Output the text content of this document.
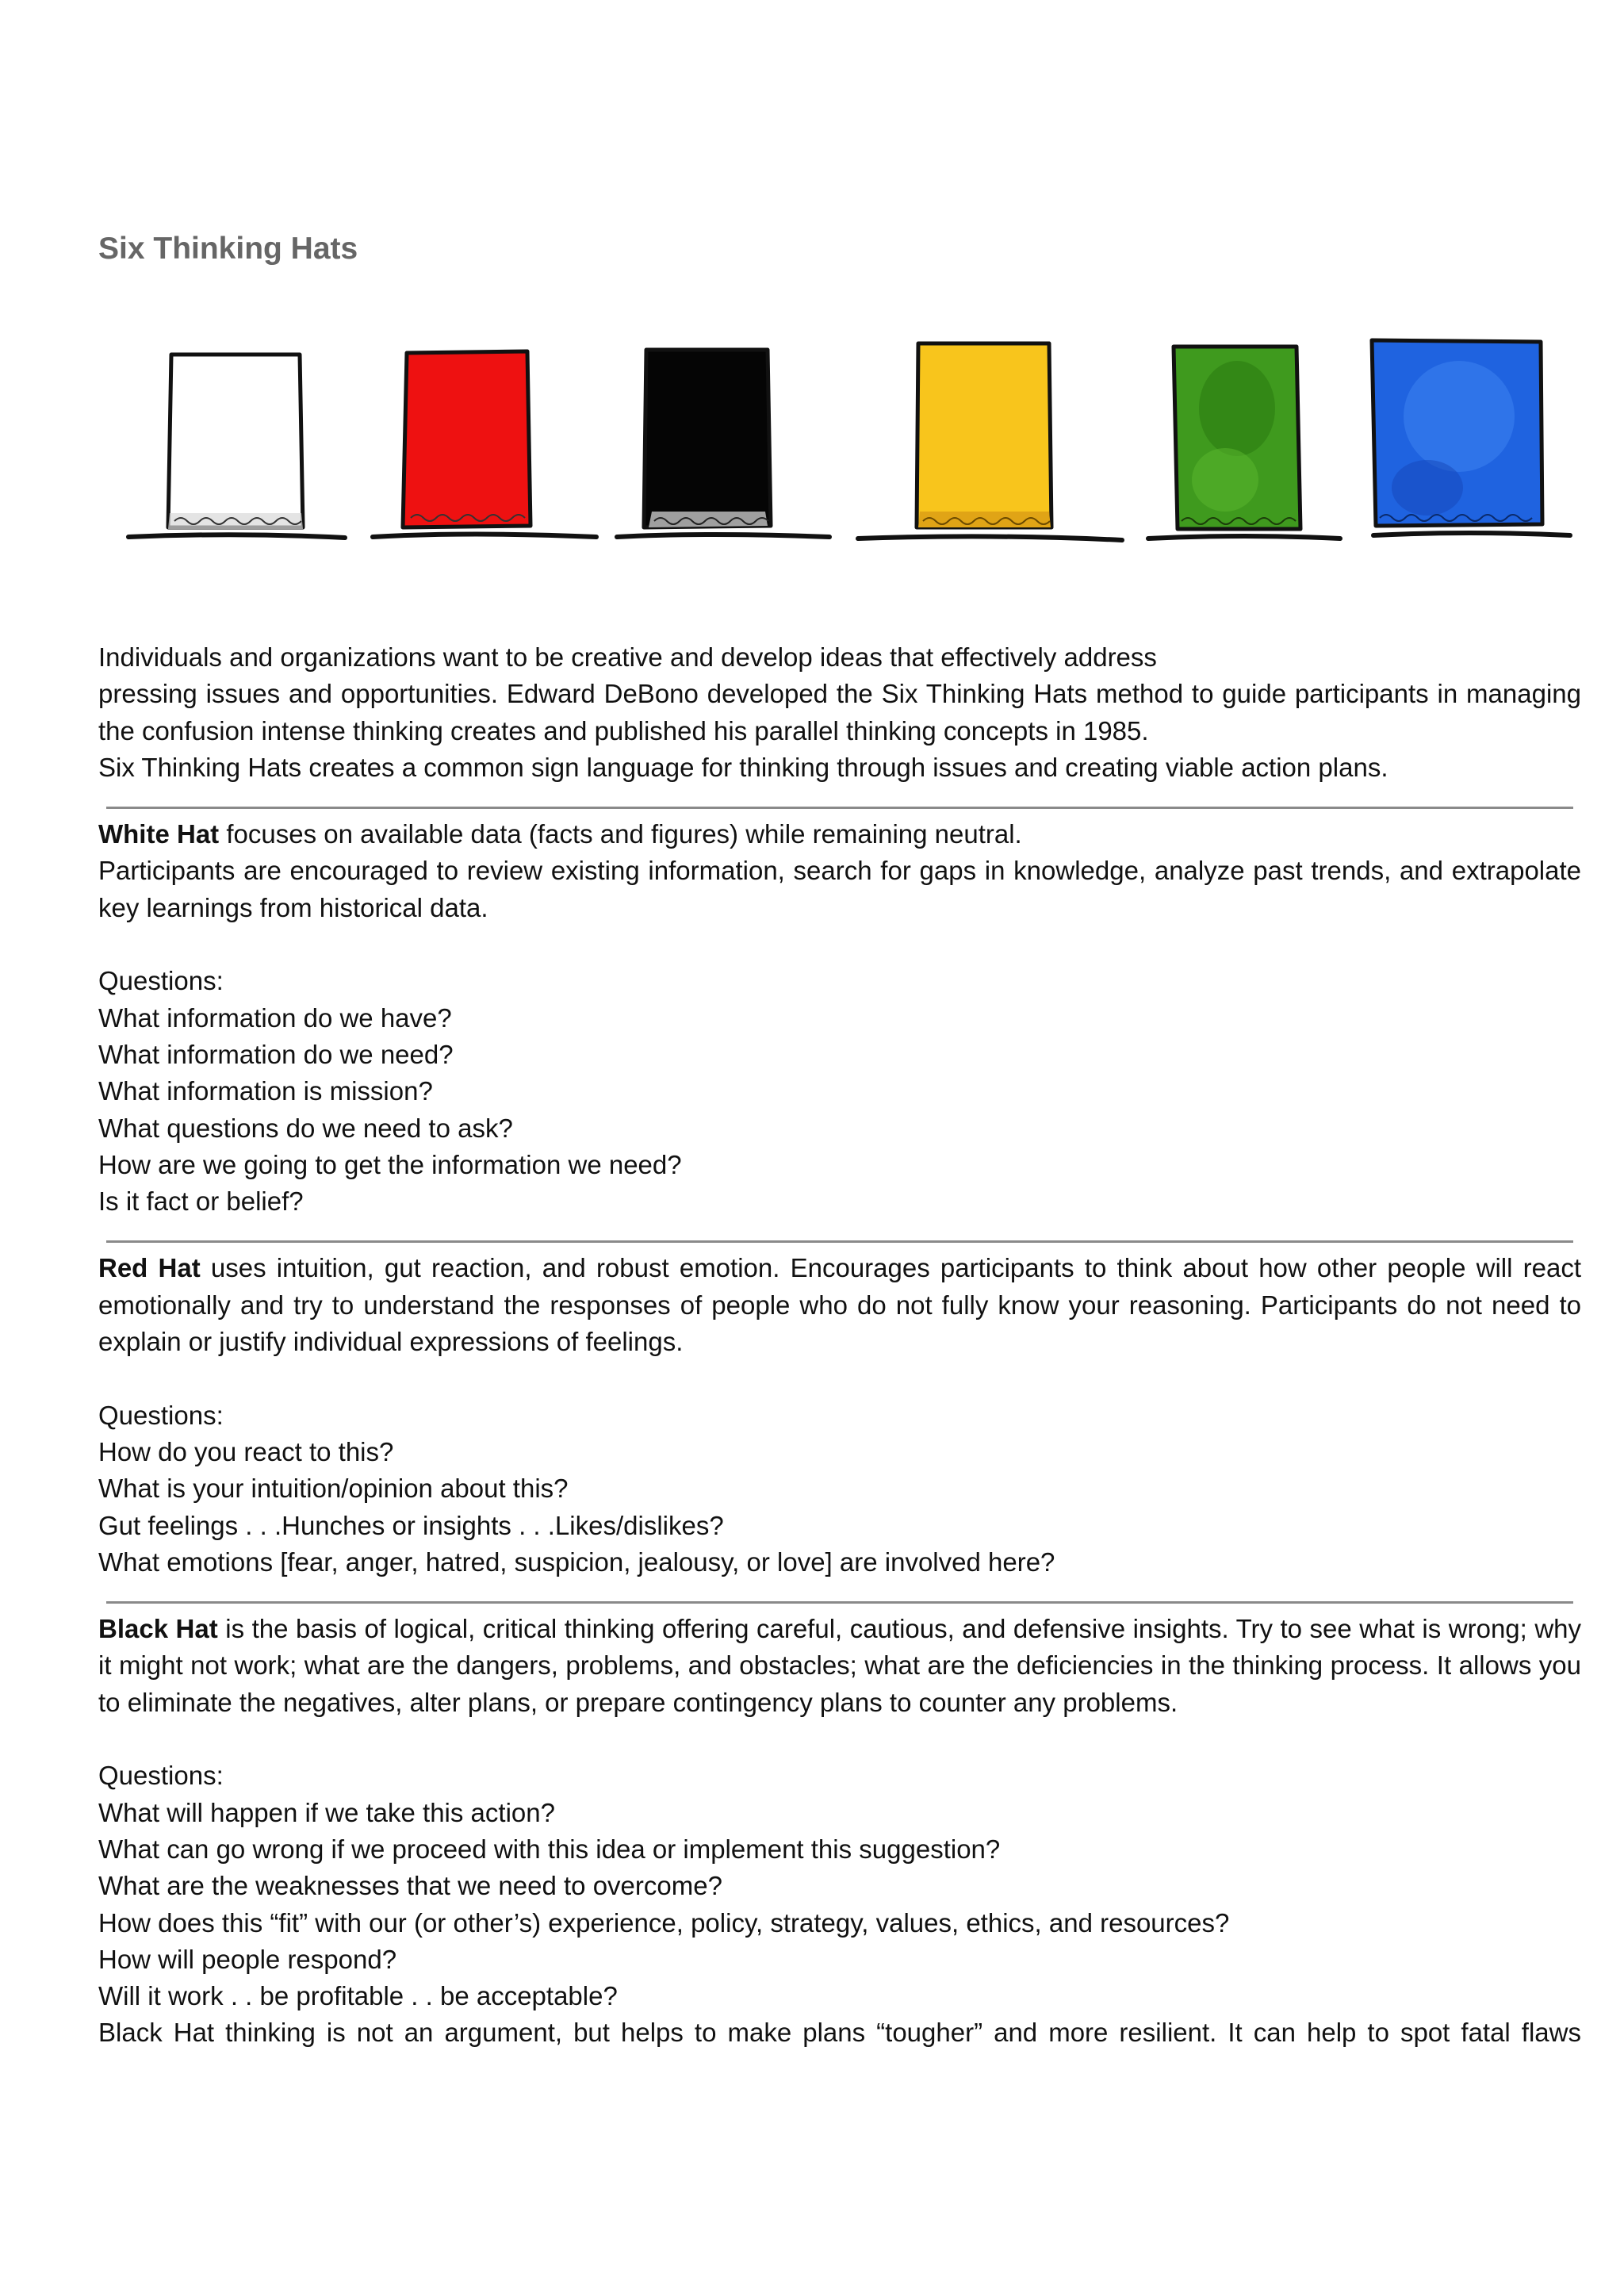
Six Thinking Hats

Individuals and organizations want to be creative and develop ideas that effectively address

pressing issues and opportunities. Edward DeBono developed the Six Thinking Hats method to guide participants in managing the confusion intense thinking creates and published his parallel thinking concepts in 1985.

Six Thinking Hats creates a common sign language for thinking through issues and creating viable action plans.

White Hat focuses on available data (facts and figures) while remaining neutral.

Participants are encouraged to review existing information, search for gaps in knowledge, analyze past trends, and extrapolate key learnings from historical data.

Questions:

What information do we have?

What information do we need?

What information is mission?

What questions do we need to ask?

How are we going to get the information we need?

Is it fact or belief?

Red Hat uses intuition, gut reaction, and robust emotion. Encourages participants to think about how other people will react emotionally and try to understand the responses of people who do not fully know your reasoning. Participants do not need to explain or justify individual expressions of feelings.

Questions:

How do you react to this?

What is your intuition/opinion about this?

Gut feelings . . .Hunches or insights . . .Likes/dislikes?

What emotions [fear, anger, hatred, suspicion, jealousy, or love] are involved here?

Black Hat is the basis of logical, critical thinking offering careful, cautious, and defensive insights. Try to see what is wrong; why it might not work; what are the dangers, problems, and obstacles; what are the deficiencies in the thinking process. It allows you to eliminate the negatives, alter plans, or prepare contingency plans to counter any problems.

Questions:

What will happen if we take this action?

What can go wrong if we proceed with this idea or implement this suggestion?

What are the weaknesses that we need to overcome?

How does this “fit” with our (or other’s) experience, policy, strategy, values, ethics, and resources?

How will people respond?

Will it work . . be profitable . . be acceptable?

Black Hat thinking is not an argument, but helps to make plans “tougher” and more resilient. It can help to spot fatal flaws
